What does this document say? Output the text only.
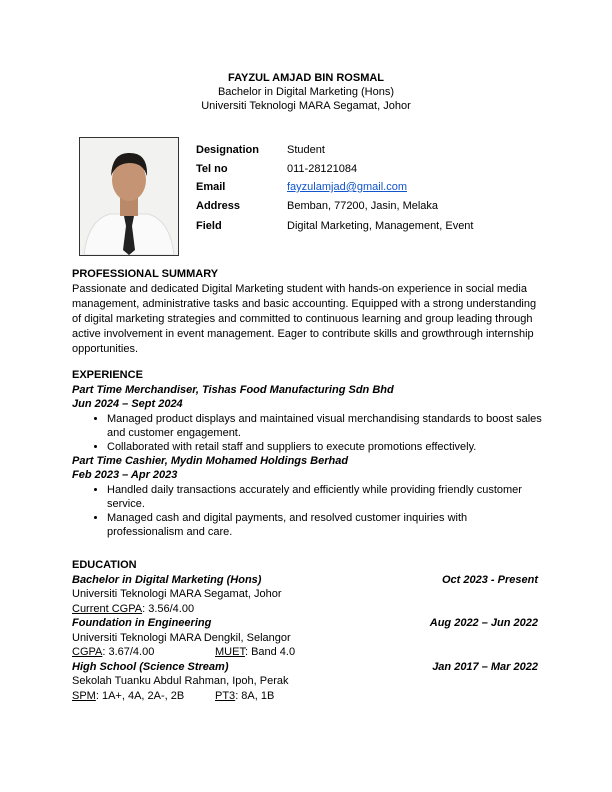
FAYZUL AMJAD BIN ROSMAL
Bachelor in Digital Marketing (Hons)
Universiti Teknologi MARA Segamat, Johor
Designation	Student
Tel no	011-28121084
Email	fayzulamjad@gmail.com
Address	Bemban, 77200, Jasin, Melaka
Field	Digital Marketing, Management, Event
PROFESSIONAL SUMMARY
Passionate and dedicated Digital Marketing student with hands-on experience in social media management, administrative tasks and basic accounting. Equipped with a strong understanding of digital marketing strategies and committed to continuous learning and group leading through active involvement in event management. Eager to contribute skills and growthrough internship opportunities.
EXPERIENCE
Part Time Merchandiser, Tishas Food Manufacturing Sdn Bhd
Jun 2024 – Sept 2024
• Managed product displays and maintained visual merchandising standards to boost sales and customer engagement.
• Collaborated with retail staff and suppliers to execute promotions effectively.
Part Time Cashier, Mydin Mohamed Holdings Berhad
Feb 2023 – Apr 2023
• Handled daily transactions accurately and efficiently while providing friendly customer service.
• Managed cash and digital payments, and resolved customer inquiries with professionalism and care.
EDUCATION
Bachelor in Digital Marketing (Hons)	Oct 2023 - Present
Universiti Teknologi MARA Segamat, Johor
Current CGPA: 3.56/4.00
Foundation in Engineering	Aug 2022 – Jun 2022
Universiti Teknologi MARA Dengkil, Selangor
CGPA: 3.67/4.00	MUET: Band 4.0
High School (Science Stream)	Jan 2017 – Mar 2022
Sekolah Tuanku Abdul Rahman, Ipoh, Perak
SPM: 1A+, 4A, 2A-, 2B	PT3: 8A, 1B
